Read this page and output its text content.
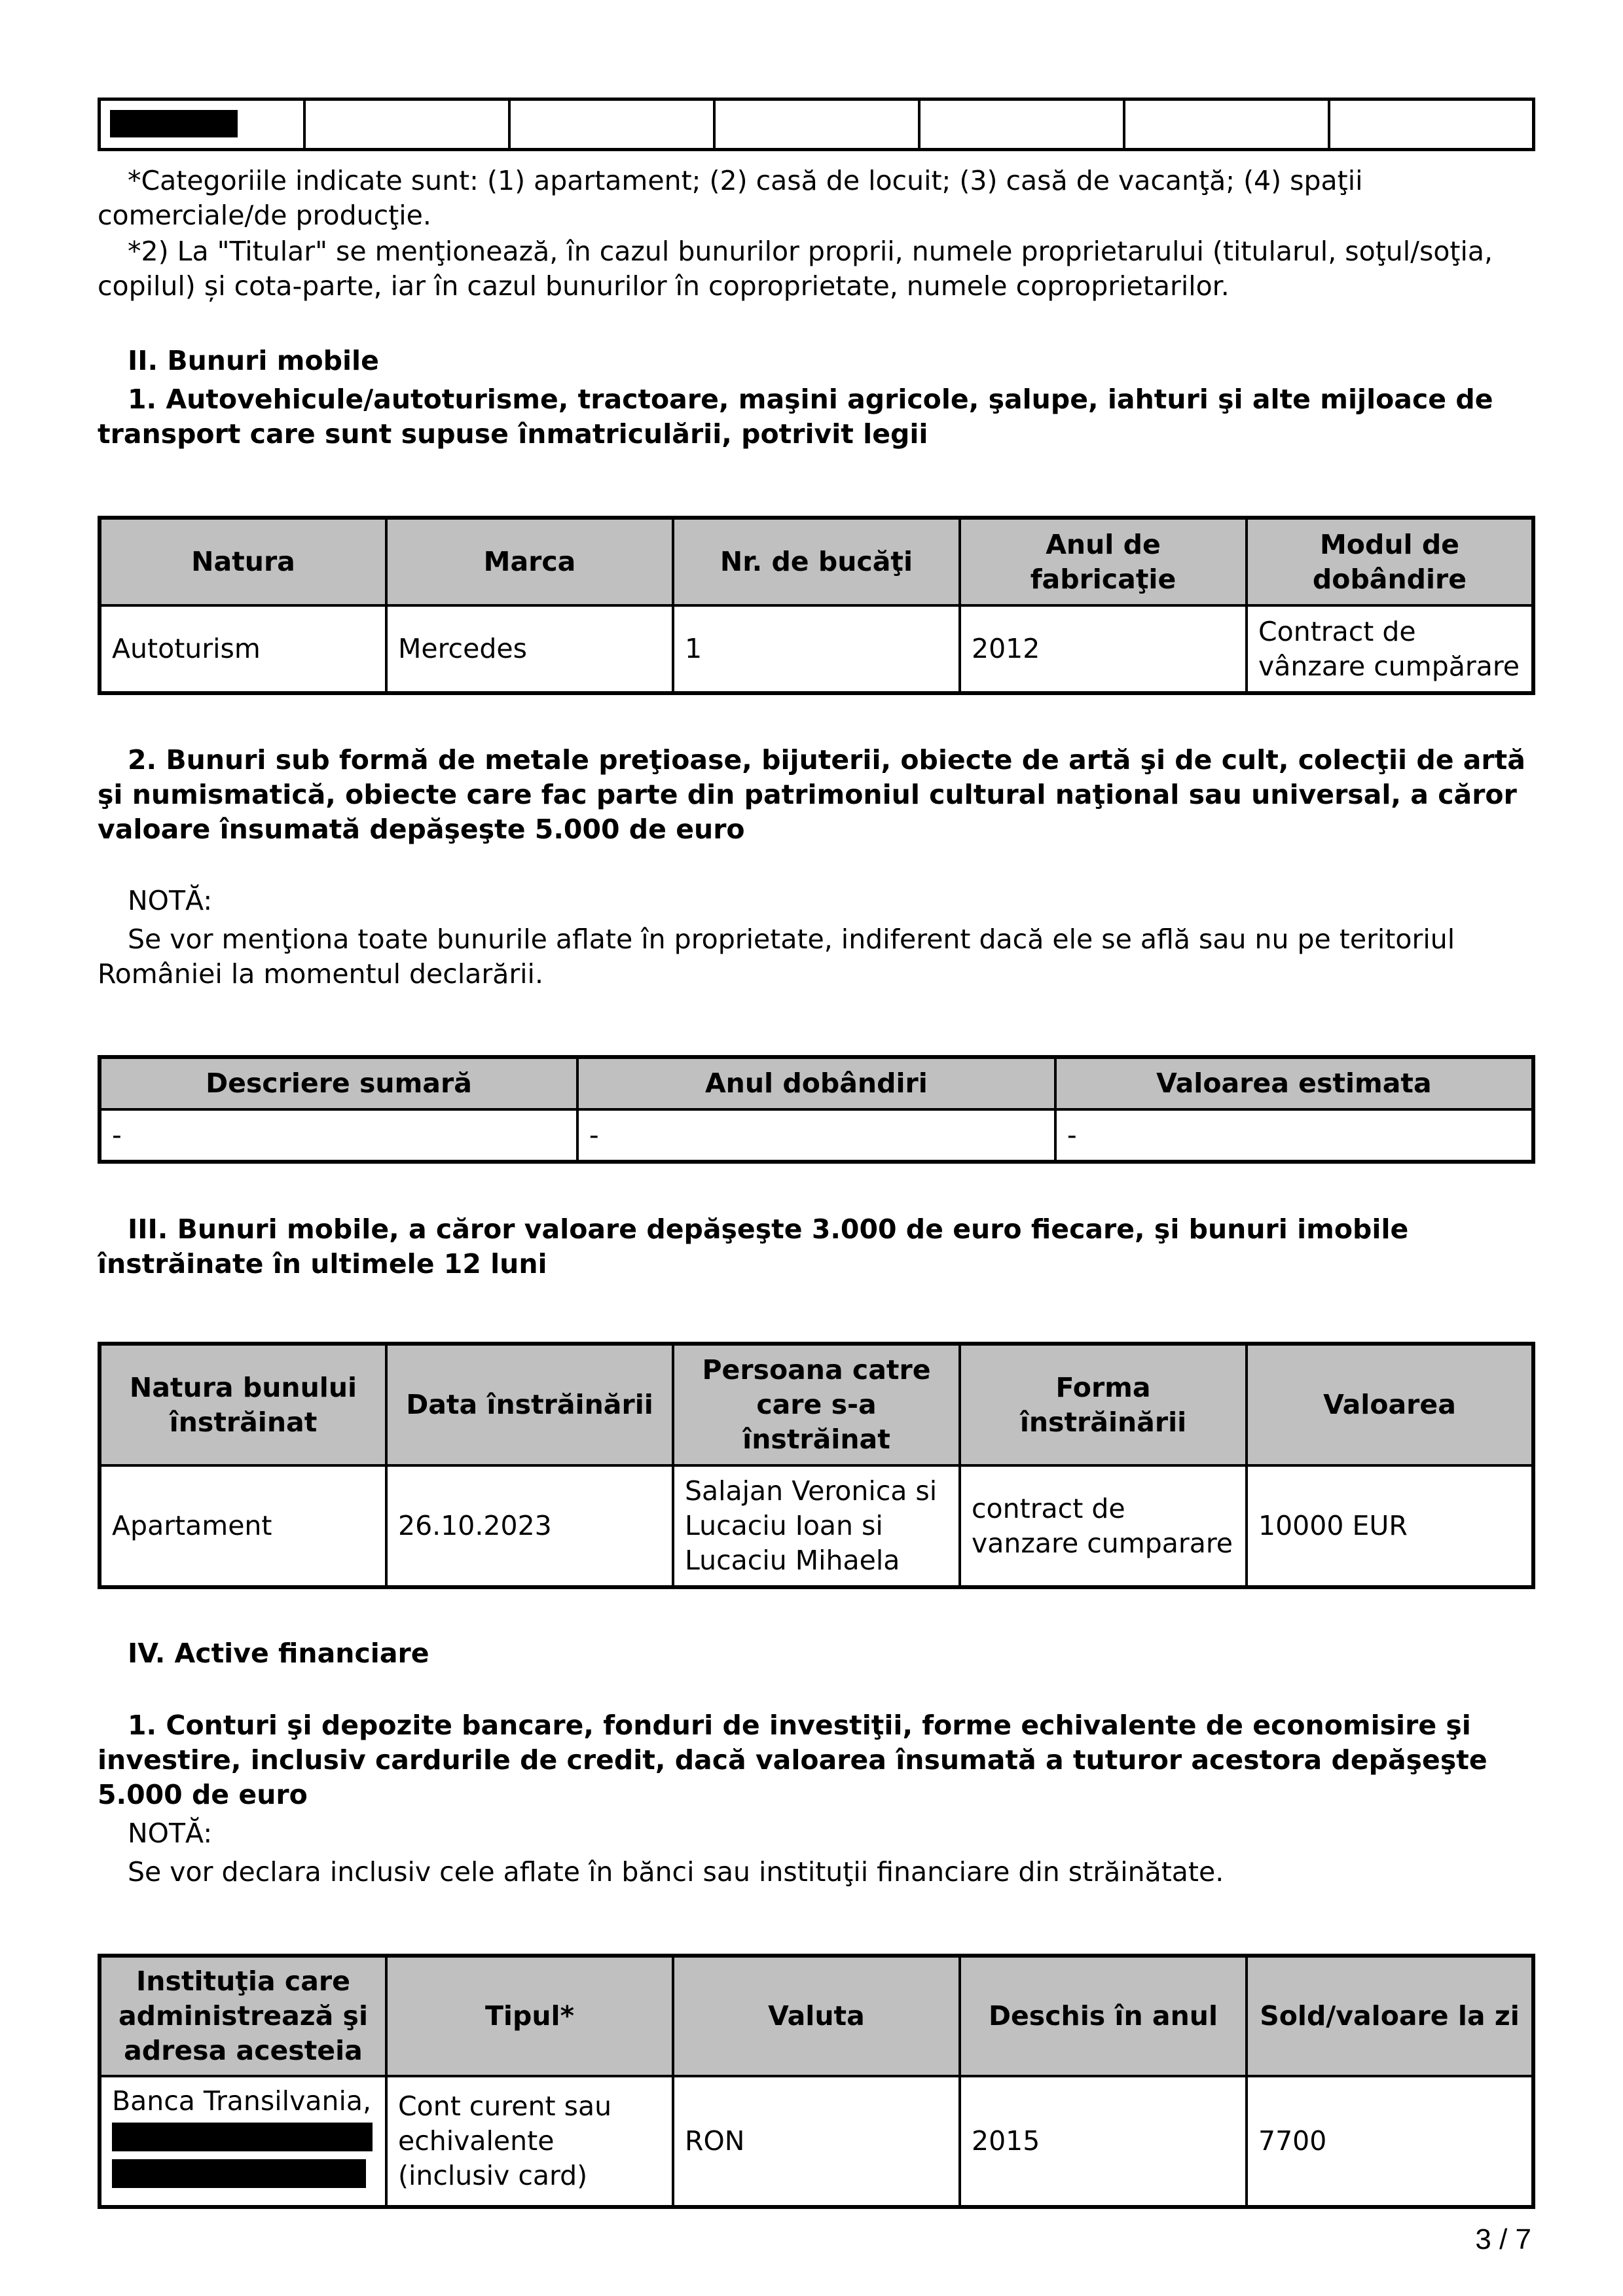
*Categoriile indicate sunt: (1) apartament; (2) casă de locuit; (3) casă de vacanţă; (4) spaţii comerciale/de producţie.
*2) La "Titular" se menţionează, în cazul bunurilor proprii, numele proprietarului (titularul, soţul/soţia, copilul) și cota-parte, iar în cazul bunurilor în coproprietate, numele coproprietarilor.
II. Bunuri mobile
1. Autovehicule/autoturisme, tractoare, maşini agricole, şalupe, iahturi şi alte mijloace de transport care sunt supuse înmatriculării, potrivit legii
Natura	Marca	Nr. de bucăţi	Anul de fabricaţie	Modul de dobândire
Autoturism	Mercedes	1	2012	Contract de vânzare cumpărare
2. Bunuri sub formă de metale preţioase, bijuterii, obiecte de artă şi de cult, colecţii de artă şi numismatică, obiecte care fac parte din patrimoniul cultural naţional sau universal, a căror valoare însumată depăşeşte 5.000 de euro
NOTĂ:
Se vor menţiona toate bunurile aflate în proprietate, indiferent dacă ele se află sau nu pe teritoriul României la momentul declarării.
Descriere sumară	Anul dobândiri	Valoarea estimata
-	-	-
III. Bunuri mobile, a căror valoare depăşeşte 3.000 de euro fiecare, şi bunuri imobile înstrăinate în ultimele 12 luni
Natura bunului înstrăinat	Data înstrăinării	Persoana catre care s-a înstrăinat	Forma înstrăinării	Valoarea
Apartament	26.10.2023	Salajan Veronica si Lucaciu Ioan si Lucaciu Mihaela	contract de vanzare cumparare	10000 EUR
IV. Active financiare
1. Conturi şi depozite bancare, fonduri de investiţii, forme echivalente de economisire şi investire, inclusiv cardurile de credit, dacă valoarea însumată a tuturor acestora depăşeşte 5.000 de euro
NOTĂ:
Se vor declara inclusiv cele aflate în bănci sau instituţii financiare din străinătate.
Instituţia care administrează şi adresa acesteia	Tipul*	Valuta	Deschis în anul	Sold/valoare la zi

Banca Transilvania,	Cont curent sau echivalente (inclusiv card)	RON	2015	7700
3 / 7
